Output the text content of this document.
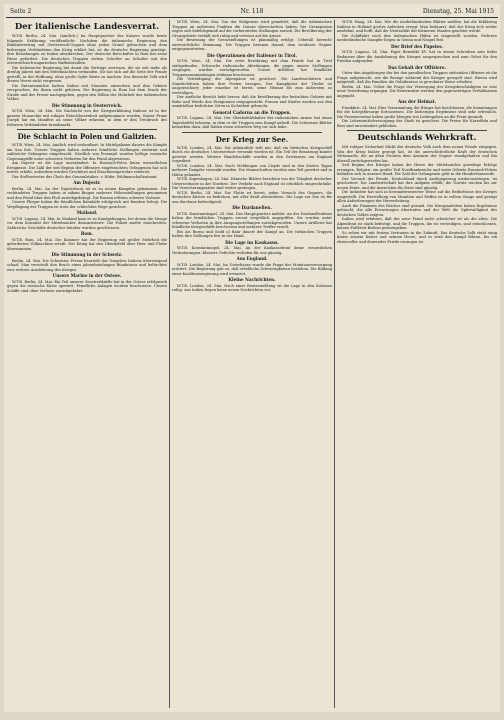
Seite 2	Nr. 118	Dienstag, 25. Mai 1915
Der italienische Landesverrat.

W.T.B. Berlin, 24. Mai. (Amtlich.) Im Hauptquartier des Kaisers wurde heute folgende Erklärung veröffentlicht: Nachdem die italienische Regierung den Bündnisvertrag mit Oesterreich-Ungarn ohne jeden Grund gebrochen und dem bisherigen Verbündeten den Krieg erklärt hat, ist die deutsche Regierung genötigt, ihre Beziehungen zu Italien abzubrechen. Der deutsche Botschafter in Rom hat seine Pässe gefordert. Die deutschen Truppen stehen Schulter an Schulter mit den österreichisch-ungarischen Waffenbrüdern.

Die italienische Regierung hat damit die Verträge zerrissen, die sie seit mehr als dreißig Jahren mit den Mittelmächten verbanden. Sie hat sich auf die Seite der Feinde gestellt, in der Hoffnung, ohne große Opfer Beute zu machen. Das deutsche Volk wird diesen Verrat nicht vergessen.

Die Ententemächte hatten Italien seit Monaten umworben und ihm Gebiete versprochen, die ihnen nicht gehören. Die Regierung in Rom hat dem Druck der Straße und der Presse nachgegeben, gegen den Willen der Mehrheit des italienischen Volkes.

Die Stimmung in Oesterreich.

W.T.B. Wien, 24. Mai. Die Nachricht von der Kriegserklärung Italiens ist in der ganzen Monarchie mit ruhiger Entschlossenheit aufgenommen worden. Kaiser Franz Joseph hat ein Manifest an seine Völker erlassen, in dem er den Treubruch des früheren Verbündeten brandmarkt.

Die Schlacht in Polen und Galizien.

W.T.B. Wien, 24. Mai. Amtlich wird verlautbart: In Mittelgalizien dauern die Kämpfe am San fort. Unsere Truppen haben mehrere feindliche Stellungen erstürmt und zahlreiche Gefangene eingebracht. Nördlich von Przemysl wurden heftige russische Gegenangriffe unter schweren Verlusten für den Feind abgewiesen.

Am Dnjestr ist die Lage unverändert. In Russisch-Polen keine wesentlichen Ereignisse. Die Zahl der seit Beginn der Offensive eingebrachten Gefangenen hat sich weiter erhöht; außerdem wurden Geschütze und Maschinengewehre erbeutet.

Der Stellvertreter des Chefs des Generalstabes: v. Höfer, Feldmarschalleutnant.

Am Dnjestr.

Berlin, 24. Mai. An der Dnjestrfront ist es zu neuen Kämpfen gekommen. Die verbündeten Truppen haben in zähem Ringen mehrere Höhenstellungen genommen und den Feind über den Fluß zurückgedrängt. Die Russen erlitten schwere Verluste.

Unsere Flieger haben die feindlichen Bahnhöfe erfolgreich mit Bomben belegt. Die Verpflegung der Truppen ist trotz der schlechten Wege gesichert.

Mailand.

W.T.B. Lugano, 24. Mai. In Mailand kam es zu Kundgebungen, bei denen die Menge vor dem Konsulat der Mittelmächte demonstrierte. Die Polizei mußte einschreiten. Zahlreiche Geschäfte deutscher Inhaber wurden geschlossen.

Rom.

W.T.B. Rom, 24. Mai. Die Kammer hat der Regierung mit großer Mehrheit die geforderten Vollmachten erteilt. Der König hat den Oberbefehl über Heer und Flotte übernommen.

Die Stimmung in der Schweiz.

Berlin, 24. Mai. Die Schweizer Presse beurteilt das Vorgehen Italiens überwiegend scharf. Man verurteilt den Bruch eines jahrzehntelangen Bündnisses und befürchtet eine weitere Ausdehnung des Krieges.

Unsere Marine in der Ostsee.

W.T.B. Berlin, 24. Mai. Ein Teil unserer Seestreitkräfte hat in der Ostsee erfolgreich gegen die russische Küste operiert. Feindliche Anlagen wurden beschossen. Unsere Schiffe sind ohne Verluste zurückgekehrt.

W.T.B. Wien, 24. Mai. Von der Südgrenze wird gemeldet, daß die italienischen Truppen an mehreren Punkten die Grenze überschritten haben. Die Grenzposten zogen sich befehlsgemäß auf die vorbereiteten Stellungen zurück. Die Bevölkerung der Grenzgebiete verhält sich ruhig und vertraut auf die Armee.

Die Besetzung der Grenzstellungen ist planmäßig erfolgt. Ueberall herrscht zuversichtliche Stimmung. Die Truppen brennen darauf, dem treulosen Gegner entgegenzutreten.

Die Operationen der Italiener in Tirol.

W.T.B. Wien, 24. Mai. Die erste Berührung mit dem Feinde hat in Tirol stattgefunden. Schwache italienische Abteilungen, die gegen unsere Stellungen vorgingen, wurden zurückgeworfen. Unsere Artillerie hat feindliche Truppenansammlungen wirksam beschossen.

Die Verteidigung der Alpenpässe ist gesichert. Die Landesschützen und Standschützen haben ihre Posten bezogen. Der Kampfgeist der Tiroler ist ausgezeichnet; jeder einzelne ist bereit, seine Heimat bis zum äußersten zu verteidigen.

Der amtliche Bericht hebt hervor, daß die Bevölkerung der bedrohten Gebiete mit Ruhe und Würde den Ereignissen entgegensieht. Frauen und Kinder wurden aus den unmittelbar bedrohten Orten in Sicherheit gebracht.

General Cadorna an die Truppen.

W.T.B. Lugano, 24. Mai. Der Oberbefehlshaber der italienischen Armee hat einen Tagesbefehl erlassen, in dem er die Truppen zum Kampf aufruft. Die Schweizer Blätter bemerken dazu, daß Italien einen schweren Weg vor sich habe.

Der Krieg zur See.

W.T.B. London, 24. Mai. Die Admiralität teilt mit, daß ein britisches Kriegsschiff durch ein deutsches Unterseeboot versenkt worden ist. Ein Teil der Besatzung konnte gerettet werden. Weitere Handelsschiffe wurden in den Gewässern um England torpediert.

W.T.B. London, 24. Mai. Nach Meldungen von Lloyds sind in den letzten Tagen mehrere Dampfer versenkt worden. Die Mannschaften wurden zum Teil gerettet und in Häfen gelandet.

W.T.B. Kopenhagen, 24. Mai. Dänische Blätter berichten von der Tätigkeit deutscher Unterseeboote in der Nordsee. Der Verkehr nach England ist erheblich eingeschränkt. Die Versicherungssätze sind weiter gestiegen.

W.T.B. Berlin, 24. Mai. Die Flotte ist bereit, jeden Versuch des Gegners, die deutschen Küsten zu bedrohen, mit aller Kraft abzuwehren. Die Lage zur See ist für uns durchaus befriedigend.

Die Dardanellen.

W.T.B. Konstantinopel, 24. Mai. Das Hauptquartier meldet: An der Dardanellenfront haben die feindlichen Truppen erneut vergeblich angegriffen. Sie wurden unter schweren Verlusten in ihre Ausgangsstellungen zurückgeworfen. Unsere Artillerie hat feindliche Kriegsschiffe beschossen und mehrere Treffer erzielt.

Bei Ari Burnu und Sedd ul Bahr dauert der Kampf an. Die türkischen Truppen halten ihre Stellungen fest in der Hand.

Die Lage im Kaukasus.

W.T.B. Konstantinopel, 24. Mai. An der Kaukasusfront keine wesentlichen Veränderungen. Kleinere Gefechte verliefen für uns günstig.

Aus England.

W.T.B. London, 24. Mai. Im Unterhause wurde die Frage der Munitionsversorgung erörtert. Die Regierung gab zu, daß erhebliche Schwierigkeiten bestehen. Die Bildung einer Koalitionsregierung wird erwartet.

Kleine Nachrichten.

W.T.B. London, 24. Mai. Nach einer Reutermeldung ist die Lage in den Kolonien ruhig. Aus Indien liegen keine neuen Nachrichten vor.

W.T.B. Haag, 24. Mai. Wie die niederländischen Blätter melden, hat die Erklärung Italiens in Holland großes Aufsehen erregt. Man bedauert, daß der Krieg sich weiter ausdehnt, und hofft, daß die Neutralität der kleineren Staaten geachtet werde.

Die Schiffahrt nach den italienischen Häfen ist eingestellt worden. Mehrere niederländische Dampfer liegen in Genua und Neapel fest.

Der Brief des Papstes.

W.T.B. Lugano, 24. Mai. Papst Benedikt XV. hat in einem Schreiben sein tiefes Bedauern über die Ausdehnung des Krieges ausgesprochen und zum Gebet für den Frieden aufgerufen.

Das Gehalt der Offiziere.

Unter den Angehörigen der bei den preußischen Truppen stehenden Offiziere ist die Frage aufgetaucht, wie die Bezüge während des Krieges geregelt sind. Hierzu wird mitgeteilt, daß die Familien die Gebührnisse in gewohnter Weise erhalten.

Berlin, 24. Mai. Ueber die Frage der Versorgung der Kriegsbeschädigten ist eine neue Verordnung ergangen. Die Rentensätze werden den gegenwärtigen Verhältnissen angepaßt.

Aus der Heimat.

Frankfurt, 24. Mai. Eine Versammlung der Bürger hat beschlossen, die Sammlungen für die Kriegsfürsorge fortzusetzen. Die bisherigen Ergebnisse sind sehr erfreulich. Die Frauenvereine haben große Mengen von Liebesgaben an die Front gesandt.

Die Lebensmittelversorgung der Stadt ist gesichert. Die Preise für Kartoffeln und Brot sind unverändert geblieben.

Deutschlands Wehrkraft.

Mit ruhiger Sicherheit blickt das deutsche Volk auch dem neuen Feinde entgegen. Was der Krieg bisher gezeigt hat, ist die unerschütterliche Kraft der deutschen Wehrmacht, die an allen Fronten dem Ansturm der Gegner standgehalten und ihn überall zurückgeworfen hat.

Seit Beginn des Krieges haben die Heere der Mittelmächte gewaltige Erfolge errungen. Belgien, ein großer Teil Nordfrankreichs und weite Gebiete Russisch-Polens befinden sich in unserer Hand. Die Zahl der Gefangenen geht in die Hunderttausende.

Der Versuch der Feinde, Deutschland durch Aushungerung niederzuzwingen, ist gescheitert. Die Landwirtschaft hat ihre Aufgabe erfüllt; die Vorräte reichen bis zur neuen Ernte, und die Aussichten für diese sind günstig.

Die Industrie hat sich in bewundernswerter Weise auf die Bedürfnisse des Krieges umgestellt. Die Herstellung von Munition und Waffen ist in vollem Gange und genügt allen Anforderungen der Heeresleitung.

Auch die Finanzen des Reiches sind gesund. Die Kriegsanleihen haben Ergebnisse gebracht, die alle Erwartungen übertrafen und der Welt die Opferwilligkeit des deutschen Volkes zeigten.

Italien wird erfahren, daß der neue Feind nicht schwächer ist als die alten. Die Alpenfront ist stark befestigt, und die Truppen, die sie verteidigen, sind entschlossen, keinen Fußbreit Bodens preiszugeben.

So sehen wir mit festem Vertrauen in die Zukunft. Das deutsche Volk steht einig hinter seinem Kaiser und seinem Heere, und es wird den Kampf führen, bis ein ehrenvoller und dauernder Friede errungen ist.
